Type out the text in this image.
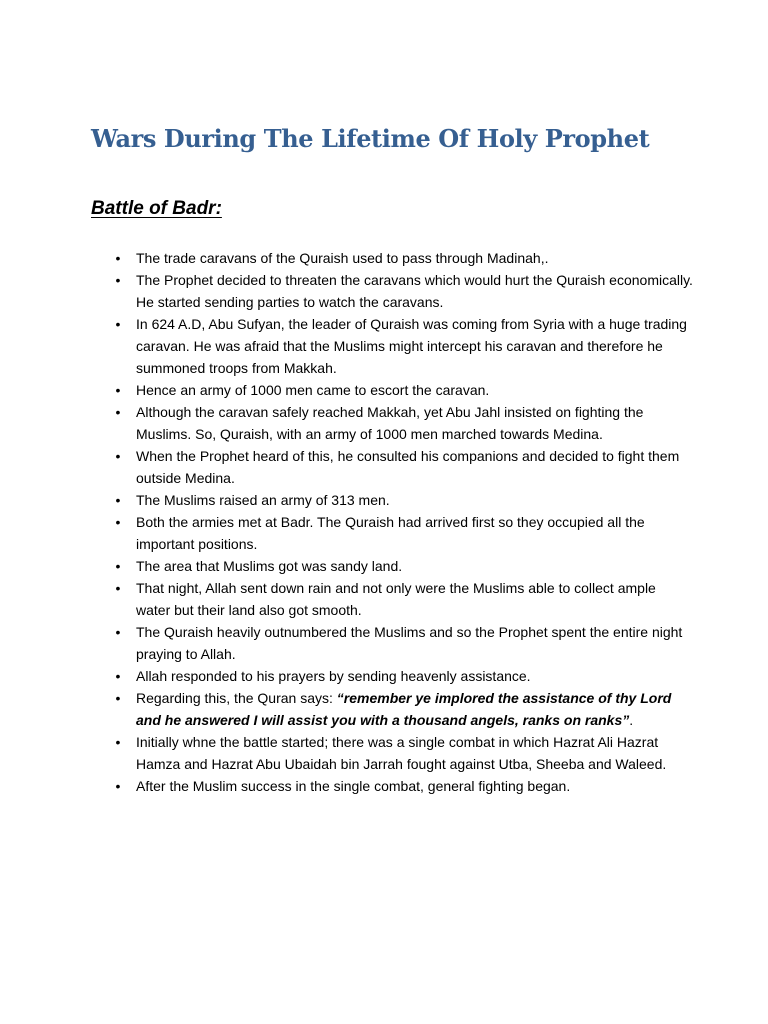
Wars During The Lifetime Of Holy Prophet
Battle of Badr:
• The trade caravans of the Quraish used to pass through Madinah,.
• The Prophet decided to threaten the caravans which would hurt the Quraish economically. He started sending parties to watch the caravans.
• In 624 A.D, Abu Sufyan, the leader of Quraish was coming from Syria with a huge trading caravan. He was afraid that the Muslims might intercept his caravan and therefore he summoned troops from Makkah.
• Hence an army of 1000 men came to escort the caravan.
• Although the caravan safely reached Makkah, yet Abu Jahl insisted on fighting the Muslims. So, Quraish, with an army of 1000 men marched towards Medina.
• When the Prophet heard of this, he consulted his companions and decided to fight them outside Medina.
• The Muslims raised an army of 313 men.
• Both the armies met at Badr. The Quraish had arrived first so they occupied all the important positions.
• The area that Muslims got was sandy land.
• That night, Allah sent down rain and not only were the Muslims able to collect ample water but their land also got smooth.
• The Quraish heavily outnumbered the Muslims and so the Prophet spent the entire night praying to Allah.
• Allah responded to his prayers by sending heavenly assistance.
• Regarding this, the Quran says: “remember ye implored the assistance of thy Lord and he answered I will assist you with a thousand angels, ranks on ranks”.
• Initially whne the battle started; there was a single combat in which Hazrat Ali Hazrat Hamza and Hazrat Abu Ubaidah bin Jarrah fought against Utba, Sheeba and Waleed.
• After the Muslim success in the single combat, general fighting began.
